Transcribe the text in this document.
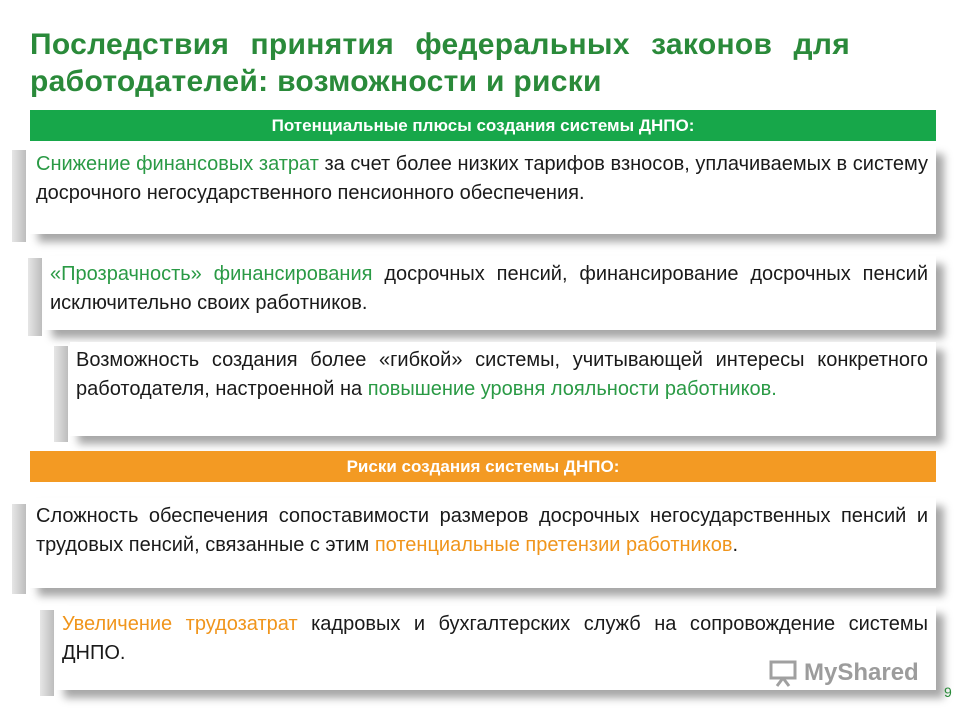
Последствия  принятия  федеральных  законов  для
работодателей: возможности и риски
Потенциальные плюсы создания системы ДНПО:
Снижение финансовых затрат за счет более низких тарифов взносов, уплачиваемых в систему досрочного негосударственного пенсионного обеспечения.
«Прозрачность» финансирования досрочных пенсий, финансирование досрочных пенсий исключительно своих работников.
Возможность создания более «гибкой» системы, учитывающей интересы конкретного работодателя, настроенной на повышение уровня лояльности работников.
Риски создания системы ДНПО:
Сложность обеспечения сопоставимости размеров досрочных негосударственных пенсий и трудовых пенсий, связанные с этим потенциальные претензии работников.
Увеличение трудозатрат кадровых и бухгалтерских служб на сопровождение системы ДНПО.
MyShared
9
